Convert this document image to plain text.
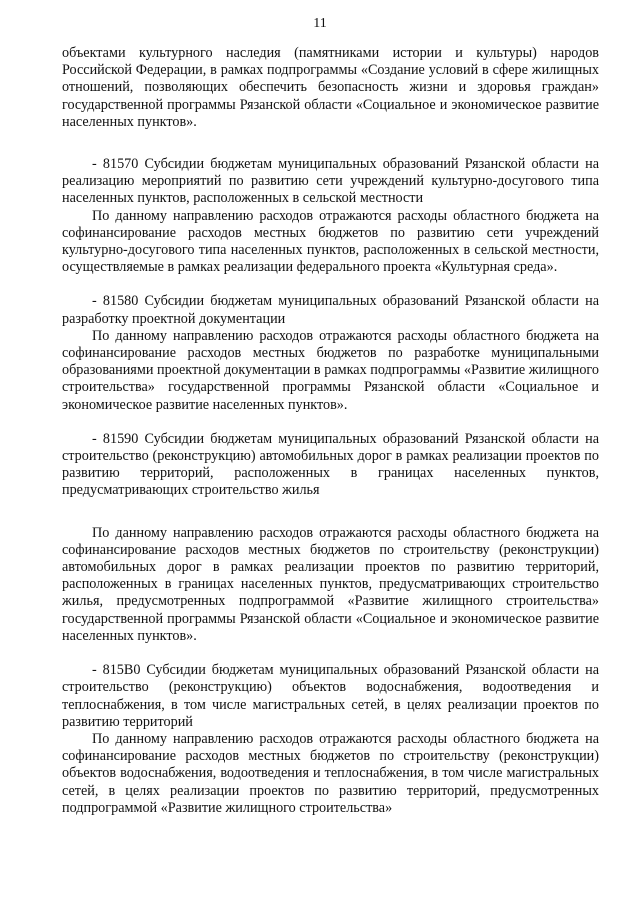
11

объектами культурного наследия (памятниками истории и культуры) народов Российской Федерации, в рамках подпрограммы «Создание условий в сфере жилищных отношений, позволяющих обеспечить безопасность жизни и здоровья граждан» государственной программы Рязанской области «Социальное и экономическое развитие населенных пунктов».

- 81570 Субсидии бюджетам муниципальных образований Рязанской области на реализацию мероприятий по развитию сети учреждений культурно-досугового типа населенных пунктов, расположенных в сельской местности

По данному направлению расходов отражаются расходы областного бюджета на софинансирование расходов местных бюджетов по развитию сети учреждений культурно-досугового типа населенных пунктов, расположенных в сельской местности, осуществляемые в рамках реализации федерального проекта «Культурная среда».

- 81580 Субсидии бюджетам муниципальных образований Рязанской области на разработку проектной документации

По данному направлению расходов отражаются расходы областного бюджета на софинансирование расходов местных бюджетов по разработке муниципальными образованиями проектной документации в рамках подпрограммы «Развитие жилищного строительства» государственной программы Рязанской области «Социальное и экономическое развитие населенных пунктов».

- 81590 Субсидии бюджетам муниципальных образований Рязанской области на строительство (реконструкцию) автомобильных дорог в рамках реализации проектов по развитию территорий, расположенных в границах населенных пунктов, предусматривающих строительство жилья

По данному направлению расходов отражаются расходы областного бюджета на софинансирование расходов местных бюджетов по строительству (реконструкции) автомобильных дорог в рамках реализации проектов по развитию территорий, расположенных в границах населенных пунктов, предусматривающих строительство жилья, предусмотренных подпрограммой «Развитие жилищного строительства» государственной программы Рязанской области «Социальное и экономическое развитие населенных пунктов».

- 815В0 Субсидии бюджетам муниципальных образований Рязанской области на строительство (реконструкцию) объектов водоснабжения, водоотведения и теплоснабжения, в том числе магистральных сетей, в целях реализации проектов по развитию территорий

По данному направлению расходов отражаются расходы областного бюджета на софинансирование расходов местных бюджетов по строительству (реконструкции) объектов водоснабжения, водоотведения и теплоснабжения, в том числе магистральных сетей, в целях реализации проектов по развитию территорий, предусмотренных подпрограммой «Развитие жилищного строительства»
